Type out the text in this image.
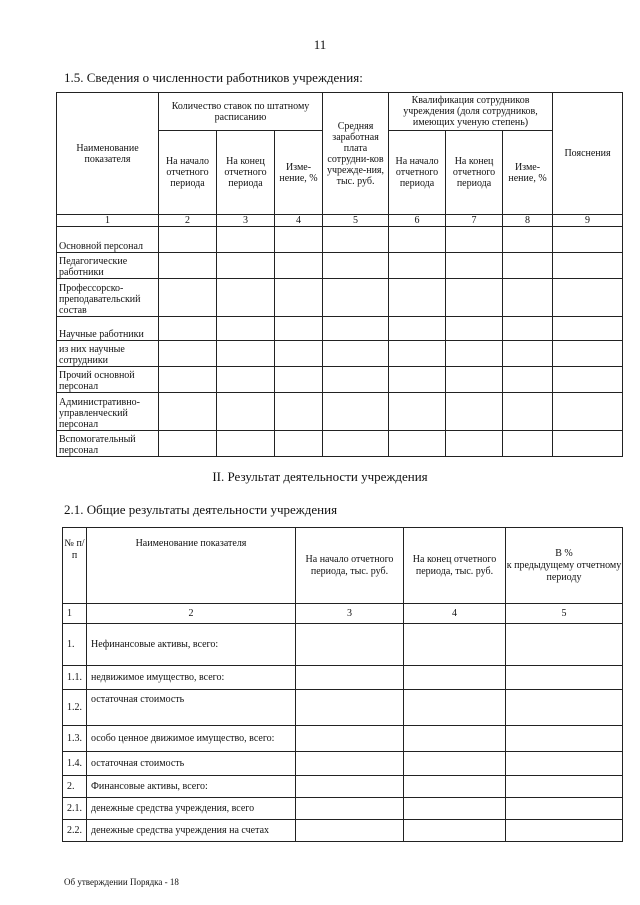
11
1.5. Сведения о численности работников учреждения:
Наименование показателя	Количество ставок по штатному расписанию			Средняя заработная плата сотрудни-ков учрежде-ния, тыс. руб.	Квалификация сотрудников учреждения (доля сотрудников, имеющих ученую степень)			Пояснения
	На начало отчетного периода	На конец отчетного периода	Изме-нение, %		На начало отчетного периода	На конец отчетного периода	Изме-нение, %	
1	2	3	4	5	6	7	8	9
Основной персонал								
Педагогические работники								
Профессорско-преподавательский состав								
Научные работники								
из них научные сотрудники								
Прочий основной персонал								
Административно-управленческий персонал								
Вспомогательный персонал								
II. Результат деятельности учреждения
2.1. Общие результаты деятельности учреждения
№ п/п	Наименование показателя	На начало отчетного периода, тыс. руб.	На конец отчетного периода, тыс. руб.	В %
к предыдущему отчетному периоду

1	2	3	4	5
1.	Нефинансовые активы, всего:			
1.1.	недвижимое имущество, всего:			
1.2.	остаточная стоимость			
1.3.	особо ценное движимое имущество, всего:			
1.4.	остаточная стоимость			
2.	Финансовые активы, всего:			
2.1.	денежные средства учреждения, всего			
2.2.	денежные средства учреждения на счетах			
Об утверждении Порядка - 18
